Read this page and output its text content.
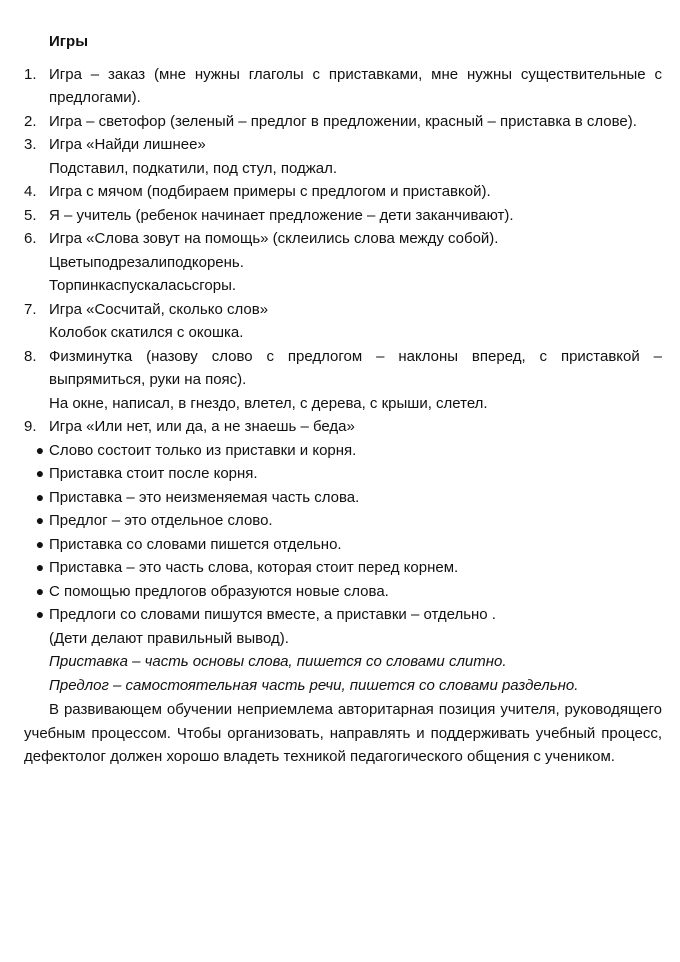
Игры
1. Игра – заказ (мне нужны глаголы с приставками, мне нужны существительные с предлогами).
2. Игра – светофор (зеленый – предлог в предложении, красный – приставка в слове).
3. Игра «Найди лишнее»
Подставил, подкатили, под стул, поджал.
4. Игра с мячом (подбираем примеры с предлогом и приставкой).
5. Я – учитель (ребенок начинает предложение – дети заканчивают).
6. Игра «Слова зовут на помощь» (склеились слова между собой).
Цветыподрезалиподкорень.
Торпинкаспускалаcьсгоры.
7. Игра «Сосчитай, сколько слов»
Колобок скатился с окошка.
8. Физминутка (назову слово с предлогом – наклоны вперед, с приставкой – выпрямиться, руки на пояс).
На окне, написал, в гнездо, влетел, с дерева, с крыши, слетел.
9. Игра «Или нет, или да, а не знаешь – беда»
● Слово состоит только из приставки и корня.
● Приставка стоит после корня.
● Приставка – это неизменяемая часть слова.
● Предлог – это отдельное слово.
● Приставка со словами пишется отдельно.
● Приставка – это часть слова, которая стоит перед корнем.
● С помощью предлогов образуются новые слова.
● Предлоги со словами пишутся вместе, а приставки – отдельно .
(Дети делают правильный вывод).
Приставка – часть основы слова, пишется со словами слитно.
Предлог – самостоятельная часть речи, пишется со словами раздельно.
В развивающем обучении неприемлема авторитарная позиция учителя, руководящего учебным процессом. Чтобы организовать, направлять и поддерживать учебный процесс, дефектолог должен хорошо владеть техникой педагогического общения с учеником.
